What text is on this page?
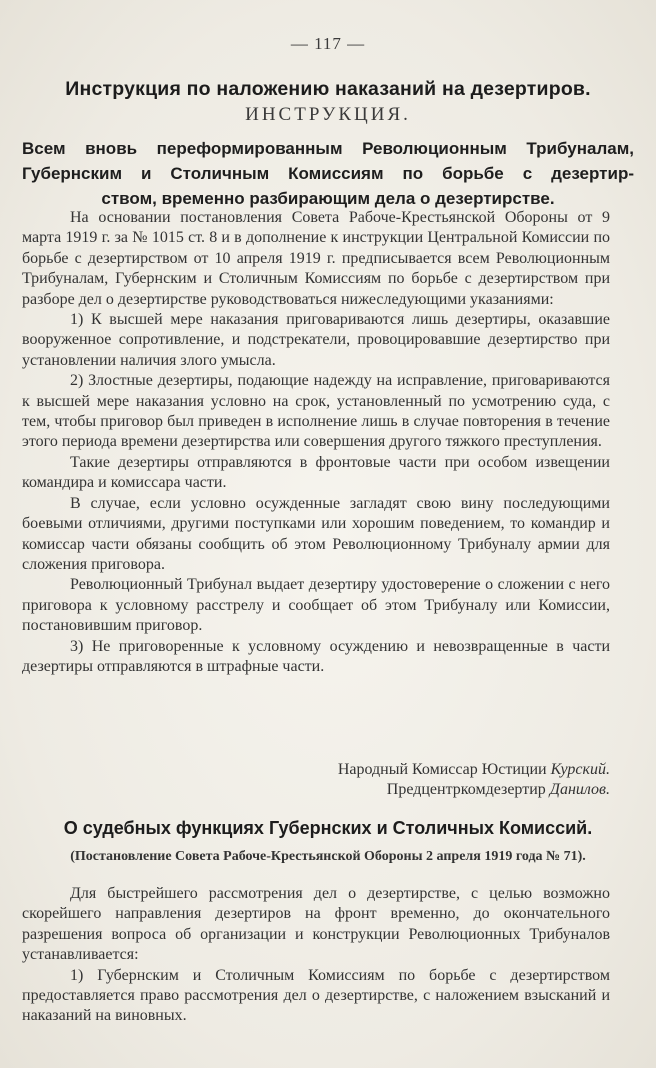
— 117 —
Инструкция по наложению наказаний на дезертиров.
ИНСТРУКЦИЯ.
Всем вновь переформированным Революционным Трибуналам,
Губернским и Столичным Комиссиям по борьбе с дезертир-
ством, временно разбирающим дела о дезертирстве.

На основании постановления Совета Рабоче-Крестьянской Обороны от 9 марта 1919 г. за № 1015 ст. 8 и в дополнение к инструкции Центральной Комиссии по борьбе с дезертирством от 10 апреля 1919 г. предписывается всем Революционным Трибуналам, Губернским и Столичным Комиссиям по борьбе с дезертирством при разборе дел о дезертирстве руководствоваться нижеследующими указаниями:

1) К высшей мере наказания приговариваются лишь дезертиры, оказавшие вооруженное сопротивление, и подстрекатели, провоцировавшие дезертирство при установлении наличия злого умысла.

2) Злостные дезертиры, подающие надежду на исправление, приговариваются к высшей мере наказания условно на срок, установленный по усмотрению суда, с тем, чтобы приговор был приведен в исполнение лишь в случае повторения в течение этого периода времени дезертирства или совершения другого тяжкого преступления.

Такие дезертиры отправляются в фронтовые части при особом извещении командира и комиссара части.

В случае, если условно осужденные загладят свою вину последующими боевыми отличиями, другими поступками или хорошим поведением, то командир и комиссар части обязаны сообщить об этом Революционному Трибуналу армии для сложения приговора.

Революционный Трибунал выдает дезертиру удостоверение о сложении с него приговора к условному расстрелу и сообщает об этом Трибуналу или Комиссии, постановившим приговор.

3) Не приговоренные к условному осуждению и невозвращенные в части дезертиры отправляются в штрафные части.

Народный Комиссар Юстиции Курский.
Предцентркомдезертир Данилов.
О судебных функциях Губернских и Столичных Комиссий.
(Постановление Совета Рабоче-Крестьянской Обороны 2 апреля 1919 года № 71).

Для быстрейшего рассмотрения дел о дезертирстве, с целью возможно скорейшего направления дезертиров на фронт временно, до окончательного разрешения вопроса об организации и конструкции Революционных Трибуналов устанавливается:

1) Губернским и Столичным Комиссиям по борьбе с дезертирством предоставляется право рассмотрения дел о дезертирстве, с наложением взысканий и наказаний на виновных.
